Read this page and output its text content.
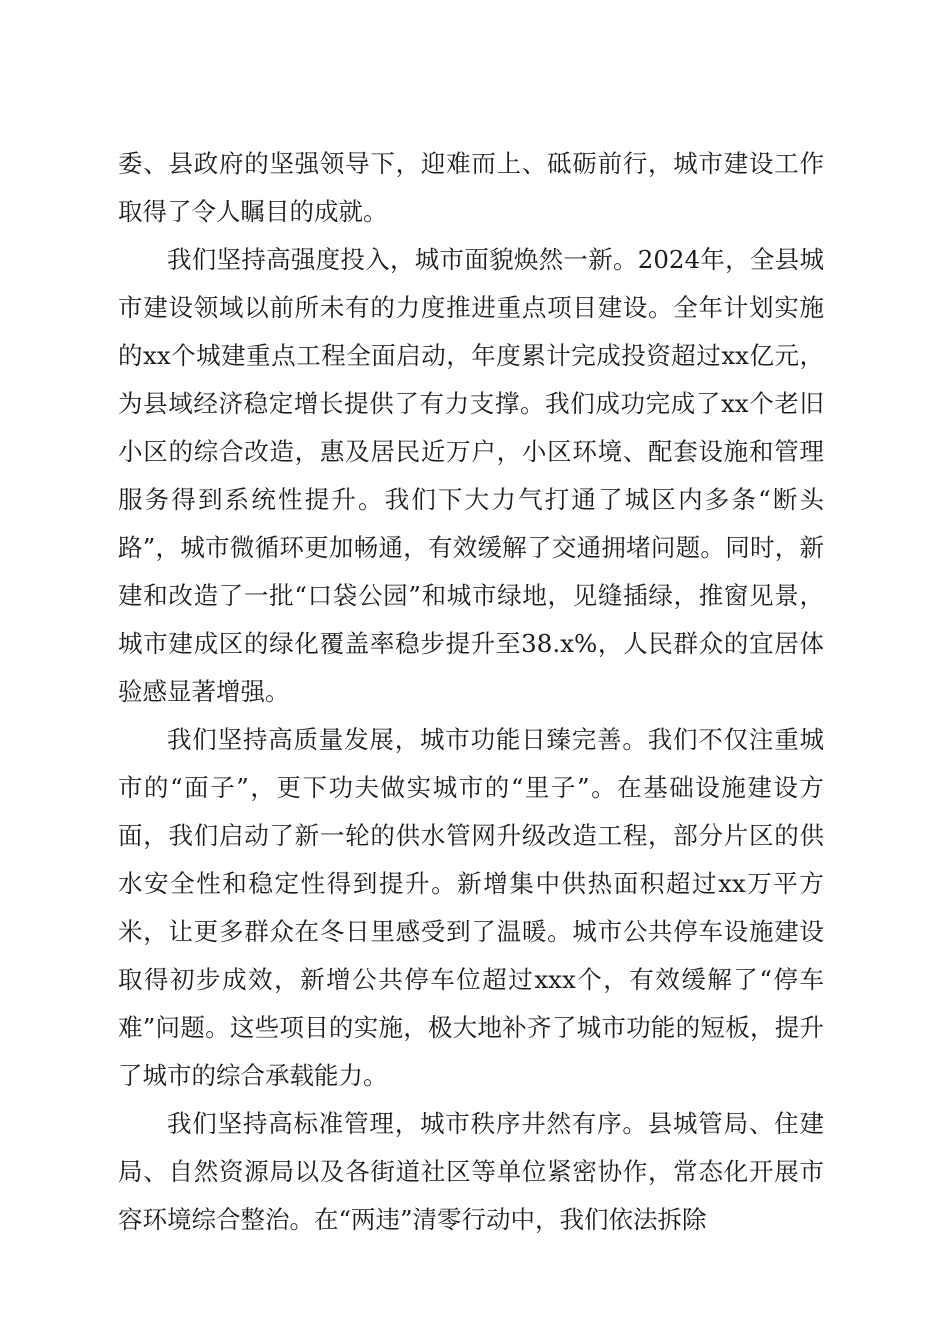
委、县政府的坚强领导下，迎难而上、砥砺前行，城市建设工作取得了令人瞩目的成就。

我们坚持高强度投入，城市面貌焕然一新。2024年，全县城市建设领域以前所未有的力度推进重点项目建设。全年计划实施的xx个城建重点工程全面启动，年度累计完成投资超过xx亿元，为县域经济稳定增长提供了有力支撑。我们成功完成了xx个老旧小区的综合改造，惠及居民近万户，小区环境、配套设施和管理服务得到系统性提升。我们下大力气打通了城区内多条“断头路”，城市微循环更加畅通，有效缓解了交通拥堵问题。同时，新建和改造了一批“口袋公园”和城市绿地，见缝插绿，推窗见景，城市建成区的绿化覆盖率稳步提升至38.x%，人民群众的宜居体验感显著增强。

我们坚持高质量发展，城市功能日臻完善。我们不仅注重城市的“面子”，更下功夫做实城市的“里子”。在基础设施建设方面，我们启动了新一轮的供水管网升级改造工程，部分片区的供水安全性和稳定性得到提升。新增集中供热面积超过xx万平方米，让更多群众在冬日里感受到了温暖。城市公共停车设施建设取得初步成效，新增公共停车位超过xxx个，有效缓解了“停车难”问题。这些项目的实施，极大地补齐了城市功能的短板，提升了城市的综合承载能力。

我们坚持高标准管理，城市秩序井然有序。县城管局、住建局、自然资源局以及各街道社区等单位紧密协作，常态化开展市容环境综合整治。在“两违”清零行动中，我们依法拆除
